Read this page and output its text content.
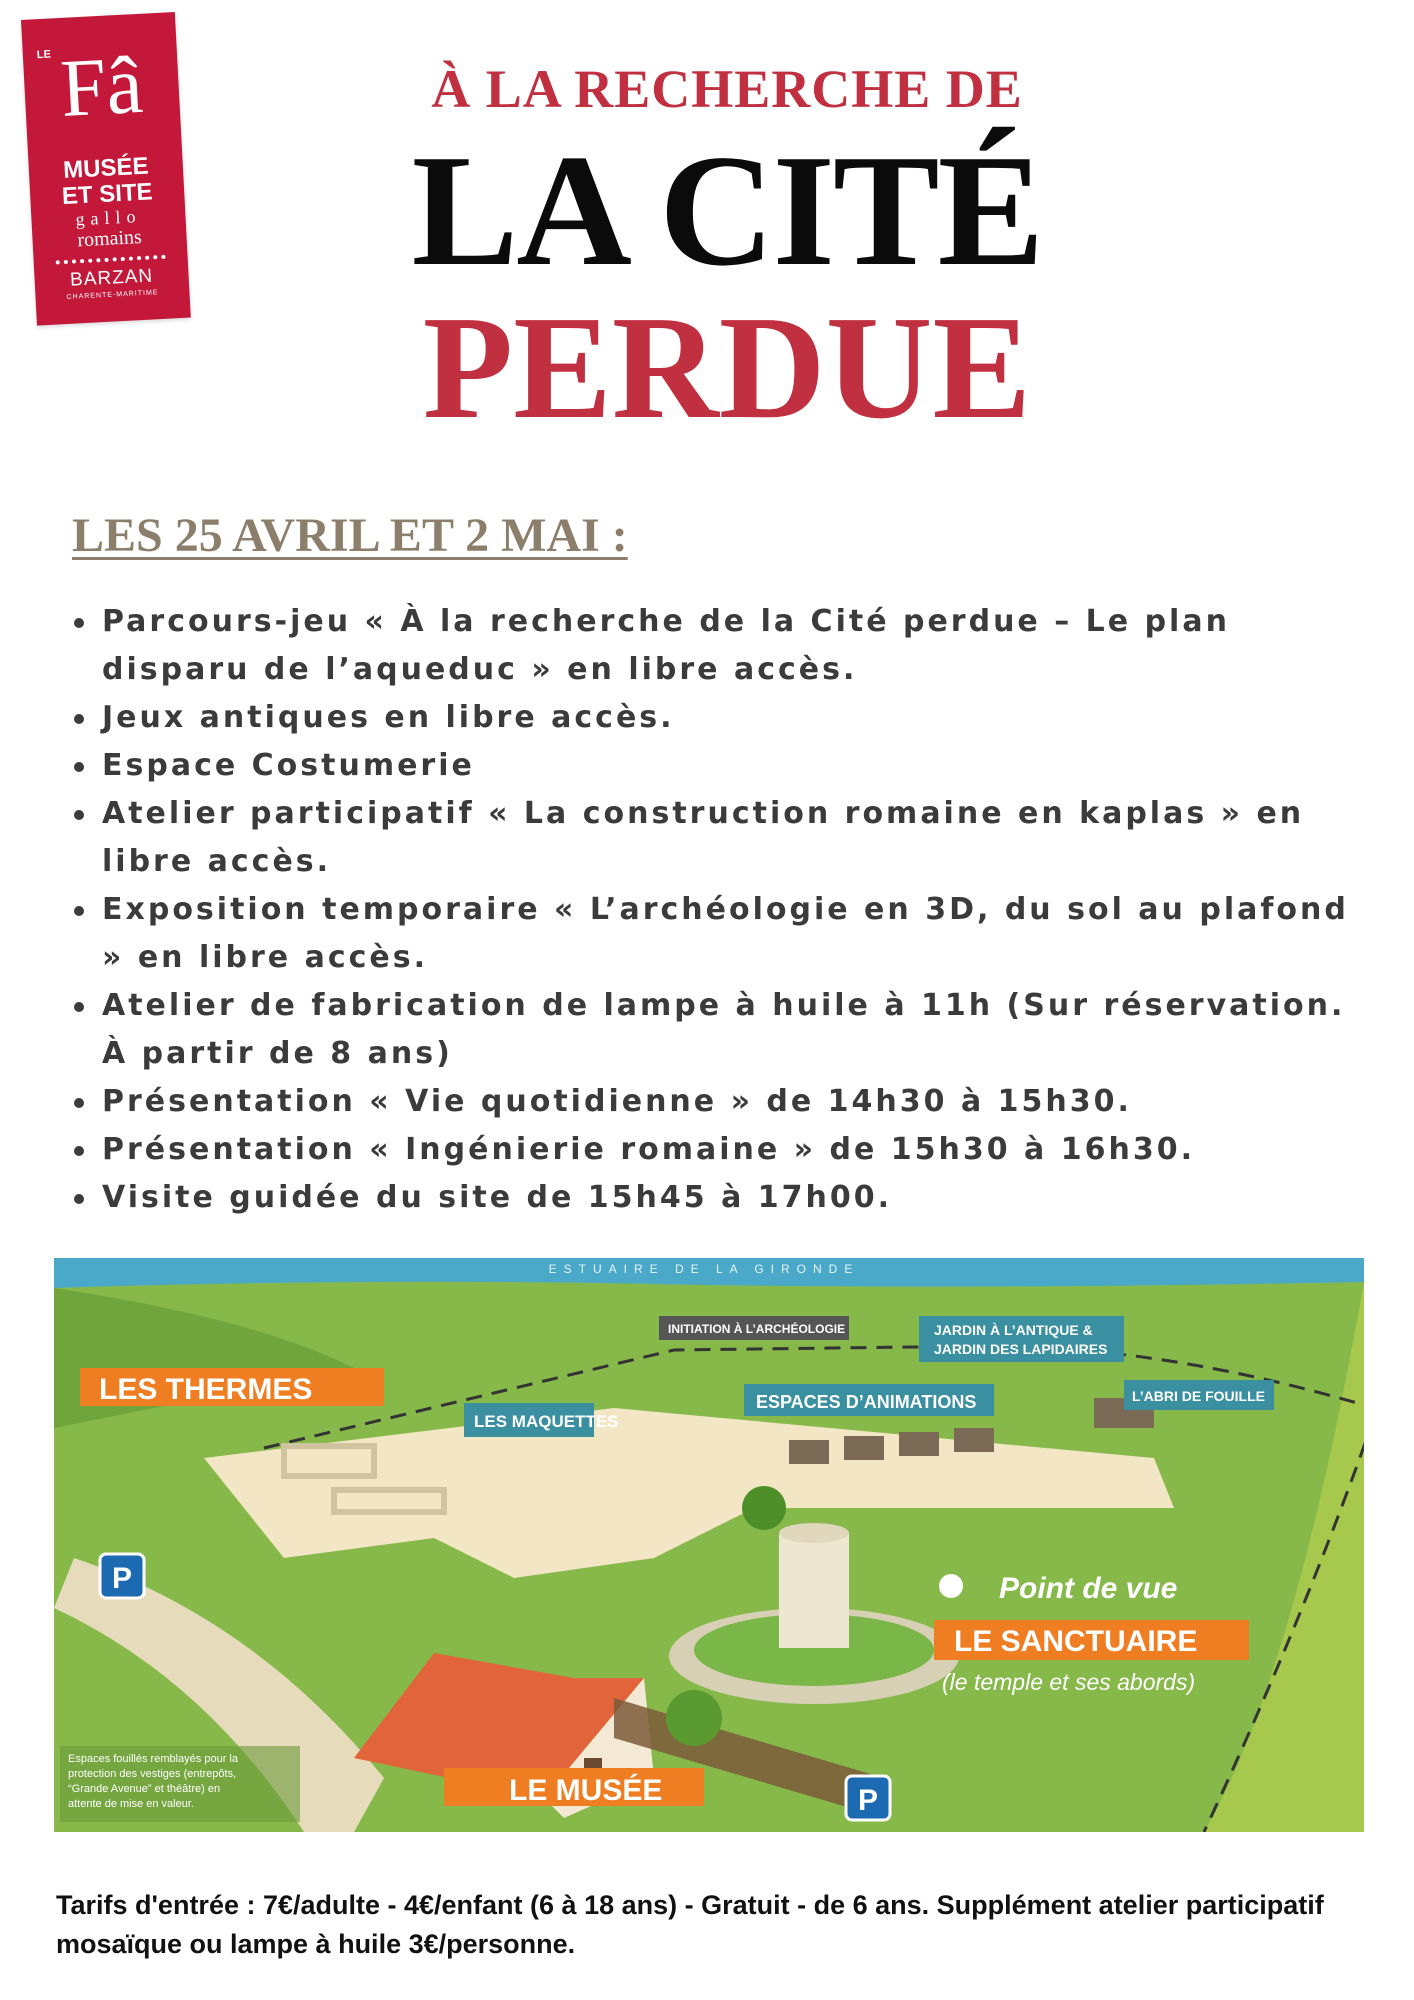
LE Fâ
MUSÉE
ET SITE
gallo
romains
BARZAN
CHARENTE-MARITIME
À LA RECHERCHE DE
LA CITÉ
PERDUE
LES 25 AVRIL ET 2 MAI :
Parcours-jeu « À la recherche de la Cité perdue – Le plan disparu de l’aqueduc » en libre accès.
Jeux antiques en libre accès.
Espace Costumerie
Atelier participatif « La construction romaine en kaplas » en libre accès.
Exposition temporaire « L’archéologie en 3D, du sol au plafond » en libre accès.
Atelier de fabrication de lampe à huile à 11h (Sur réservation. À partir de 8 ans)
Présentation « Vie quotidienne » de 14h30 à 15h30.
Présentation « Ingénierie romaine » de 15h30 à 16h30.
Visite guidée du site de 15h45 à 17h00.
ESTUAIRE DE LA GIRONDE
LES THERMES
LES MAQUETTES
INITIATION À L’ARCHÉOLOGIE	JARDIN À L’ANTIQUE &
JARDIN DES LAPIDAIRES
ESPACES D’ANIMATIONS	L’ABRI DE FOUILLE
Point de vue
LE SANCTUAIRE
(le temple et ses abords)
LE MUSÉE
P
P
Espaces fouillés remblayés pour la
protection des vestiges (entrepôts,
“Grande Avenue” et théâtre) en
attente de mise en valeur.

Tarifs d'entrée : 7€/adulte - 4€/enfant (6 à 18 ans) - Gratuit - de 6 ans. Supplément atelier participatif mosaïque ou lampe à huile 3€/personne.
